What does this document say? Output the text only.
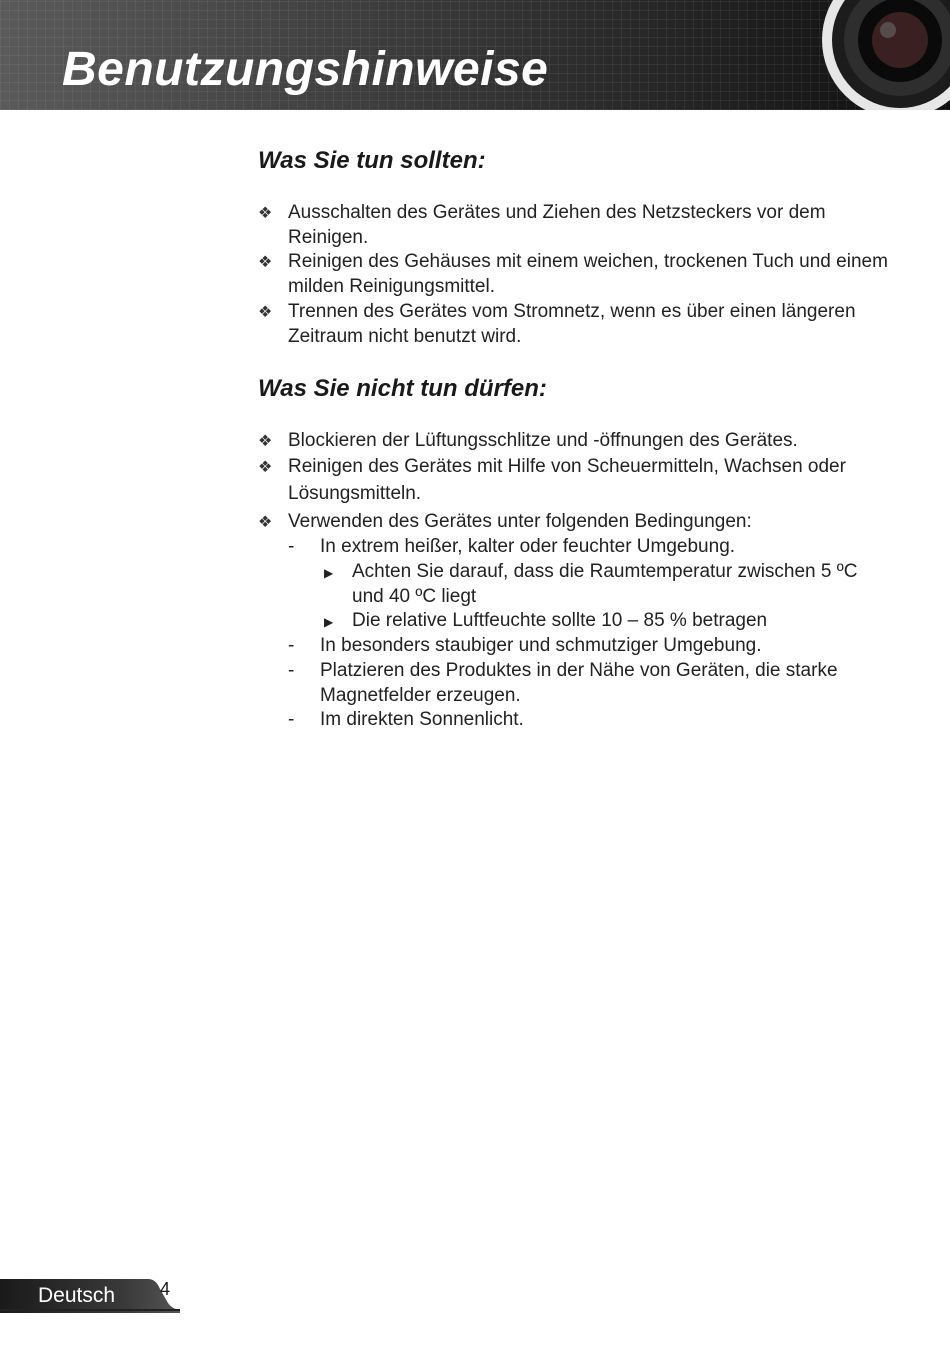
Benutzungshinweise
Was Sie tun sollten:
❖ Ausschalten des Gerätes und Ziehen des Netzsteckers vor dem Reinigen.
❖ Reinigen des Gehäuses mit einem weichen, trockenen Tuch und einem milden Reinigungsmittel.
❖ Trennen des Gerätes vom Stromnetz, wenn es über einen längeren Zeitraum nicht benutzt wird.
Was Sie nicht tun dürfen:
❖ Blockieren der Lüftungsschlitze und -öffnungen des Gerätes.
❖ Reinigen des Gerätes mit Hilfe von Scheuermitteln, Wachsen oder Lösungsmitteln.
❖ Verwenden des Gerätes unter folgenden Bedingungen:
-	In extrem heißer, kalter oder feuchter Umgebung.
▶ Achten Sie darauf, dass die Raumtemperatur zwischen 5 ºC und 40 ºC liegt
▶ Die relative Luftfeuchte sollte 10 – 85 % betragen
-	In besonders staubiger und schmutziger Umgebung.
-	Platzieren des Produktes in der Nähe von Geräten, die starke Magnetfelder erzeugen.
-	Im direkten Sonnenlicht.
Deutsch 4
